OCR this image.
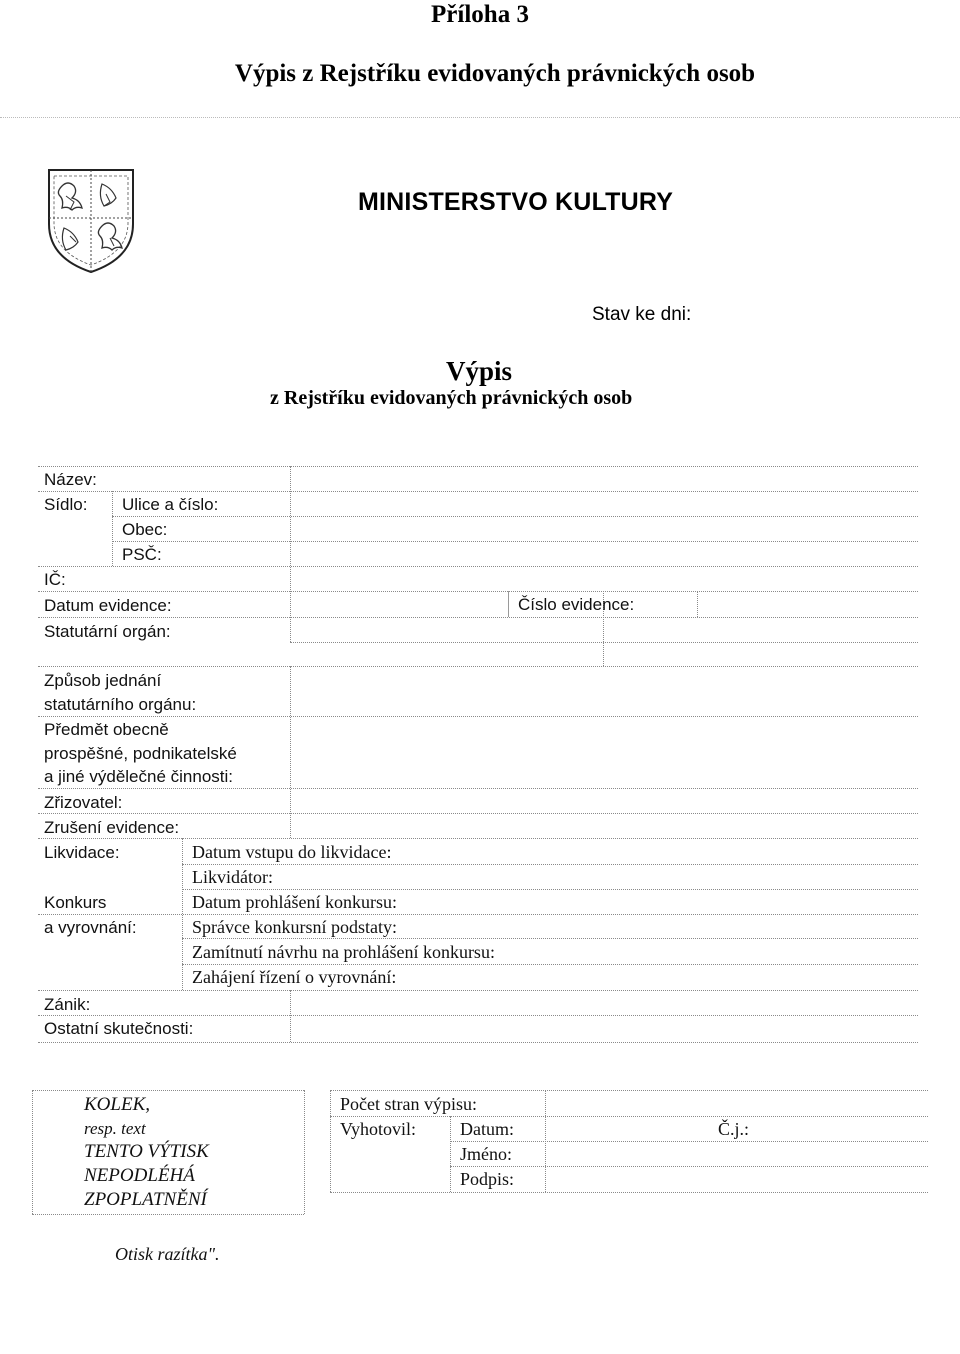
Příloha 3
Výpis z Rejstříku evidovaných právnických osob
MINISTERSTVO KULTURY
Stav ke dni:
Výpis
z Rejstříku evidovaných právnických osob
Název:
Sídlo: Ulice a číslo:
Obec:
PSČ:
IČ:
Datum evidence:	Číslo evidence:
Statutární orgán:
Způsob jednání
statutárního orgánu:
Předmět obecně
prospěšné, podnikatelské
a jiné výdělečné činnosti:
Zřizovatel:
Zrušení evidence:
Likvidace:	Datum vstupu do likvidace:
Likvidátor:
Konkurs
a vyrovnání:
Datum prohlášení konkursu:
Správce konkursní podstaty:
Zamítnutí návrhu na prohlášení konkursu:
Zahájení řízení o vyrovnání:
Zánik:
Ostatní skutečnosti:
KOLEK,
resp. text
TENTO VÝTISK
NEPODLÉHÁ
ZPOPLATNĚNÍ
Počet stran výpisu:
Vyhotovil: Datum:
Jméno:
Podpis:
Č.j.:
Otisk razítka".
